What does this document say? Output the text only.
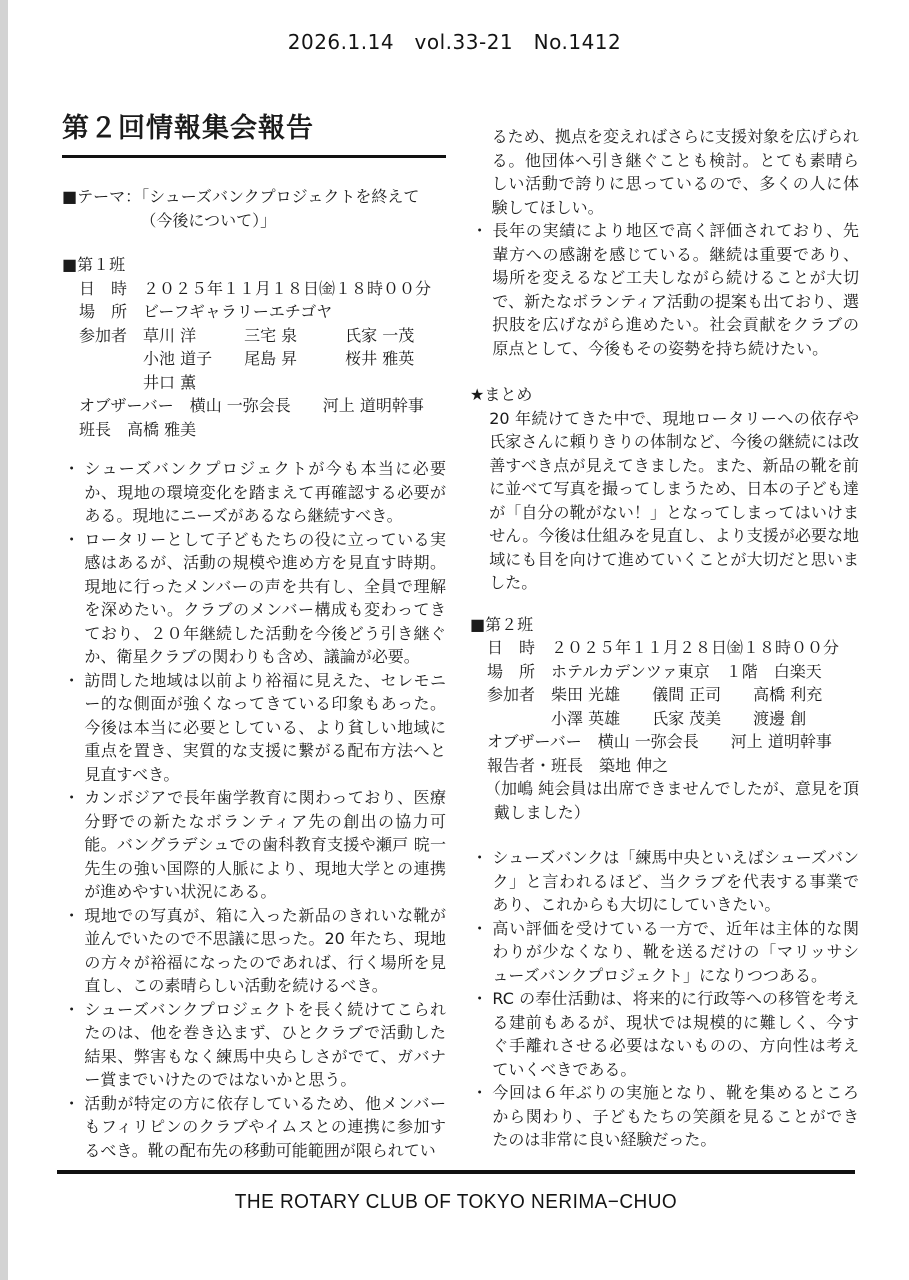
2026.1.14　vol.33-21　No.1412
第２回情報集会報告
■テーマ：「シューズバンクプロジェクトを終えて
（今後について）」
■第１班
日　時　２０２５年１１月１８日㈮１８時００分
場　所　ビーフギャラリーエチゴヤ
参加者　草川 洋　　　三宅 泉　　　氏家 一茂
　　　　小池 道子　　尾島 昇　　　桜井 雅英
　　　　井口 薫
オブザーバー　横山 一弥会長　　河上 道明幹事
班長　高橋 雅美
・ シューズバンクプロジェクトが今も本当に必要か、現地の環境変化を踏まえて再確認する必要がある。現地にニーズがあるなら継続すべき。
・ ロータリーとして子どもたちの役に立っている実感はあるが、活動の規模や進め方を見直す時期。現地に行ったメンバーの声を共有し、全員で理解を深めたい。クラブのメンバー構成も変わってきており、２０年継続した活動を今後どう引き継ぐか、衛星クラブの関わりも含め、議論が必要。
・ 訪問した地域は以前より裕福に見えた、セレモニー的な側面が強くなってきている印象もあった。今後は本当に必要としている、より貧しい地域に重点を置き、実質的な支援に繋がる配布方法へと見直すべき。
・ カンボジアで長年歯学教育に関わっており、医療分野での新たなボランティア先の創出の協力可能。バングラデシュでの歯科教育支援や瀬戸 晥一先生の強い国際的人脈により、現地大学との連携が進めやすい状況にある。
・ 現地での写真が、箱に入った新品のきれいな靴が並んでいたので不思議に思った。20 年たち、現地の方々が裕福になったのであれば、行く場所を見直し、この素晴らしい活動を続けるべき。
・ シューズバンクプロジェクトを長く続けてこられたのは、他を巻き込まず、ひとクラブで活動した結果、弊害もなく練馬中央らしさがでて、ガバナー賞までいけたのではないかと思う。
・ 活動が特定の方に依存しているため、他メンバーもフィリピンのクラブやイムスとの連携に参加するべき。靴の配布先の移動可能範囲が限られてい

るため、拠点を変えればさらに支援対象を広げられる。他団体へ引き継ぐことも検討。とても素晴らしい活動で誇りに思っているので、多くの人に体験してほしい。

・ 長年の実績により地区で高く評価されており、先輩方への感謝を感じている。継続は重要であり、場所を変えるなど工夫しながら続けることが大切で、新たなボランティア活動の提案も出ており、選択肢を広げながら進めたい。社会貢献をクラブの原点として、今後もその姿勢を持ち続けたい。
★まとめ

20 年続けてきた中で、現地ロータリーへの依存や氏家さんに頼りきりの体制など、今後の継続には改善すべき点が見えてきました。また、新品の靴を前に並べて写真を撮ってしまうため、日本の子ども達が「自分の靴がない！」となってしまってはいけません。今後は仕組みを見直し、より支援が必要な地域にも目を向けて進めていくことが大切だと思いました。

■第２班
日　時　２０２５年１１月２８日㈮１８時００分
場　所　ホテルカデンツァ東京　１階　白楽天
参加者　柴田 光雄　　儀間 正司　　高橋 利充
　　　　小澤 英雄　　氏家 茂美　　渡邊 創
オブザーバー　横山 一弥会長　　河上 道明幹事
報告者・班長　築地 伸之

（加嶋 純会員は出席できませんでしたが、意見を頂戴しました）

・ シューズバンクは「練馬中央といえばシューズバンク」と言われるほど、当クラブを代表する事業であり、これからも大切にしていきたい。
・ 高い評価を受けている一方で、近年は主体的な関わりが少なくなり、靴を送るだけの「マリッサシューズバンクプロジェクト」になりつつある。
・ RC の奉仕活動は、将来的に行政等への移管を考える建前もあるが、現状では規模的に難しく、今すぐ手離れさせる必要はないものの、方向性は考えていくべきである。
・ 今回は６年ぶりの実施となり、靴を集めるところから関わり、子どもたちの笑顔を見ることができたのは非常に良い経験だった。
THE ROTARY CLUB OF TOKYO NERIMA−CHUO
